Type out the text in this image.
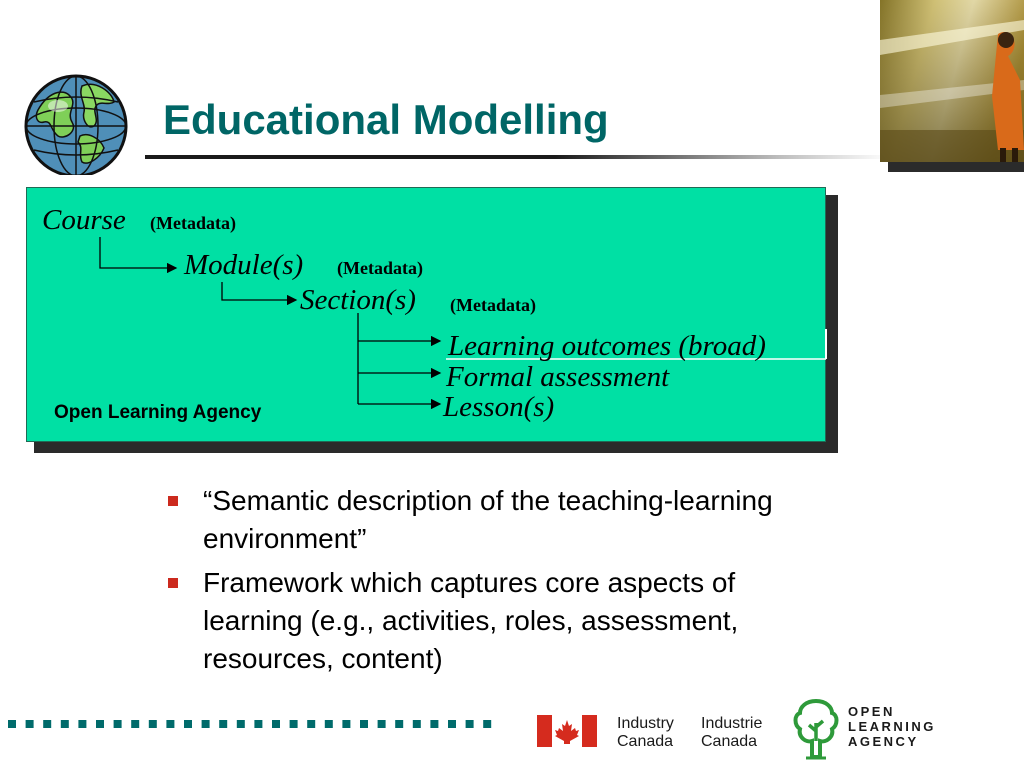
Educational Modelling
Course (Metadata)
Module(s) (Metadata)
Section(s) (Metadata)
Learning outcomes (broad)
Formal assessment
Lesson(s)
Open Learning Agency
“Semantic description of the teaching-learning environment”
Framework which captures core aspects of learning (e.g., activities, roles, assessment, resources, content)
Industry
Canada
Industrie
Canada
OPEN
LEARNING
AGENCY
